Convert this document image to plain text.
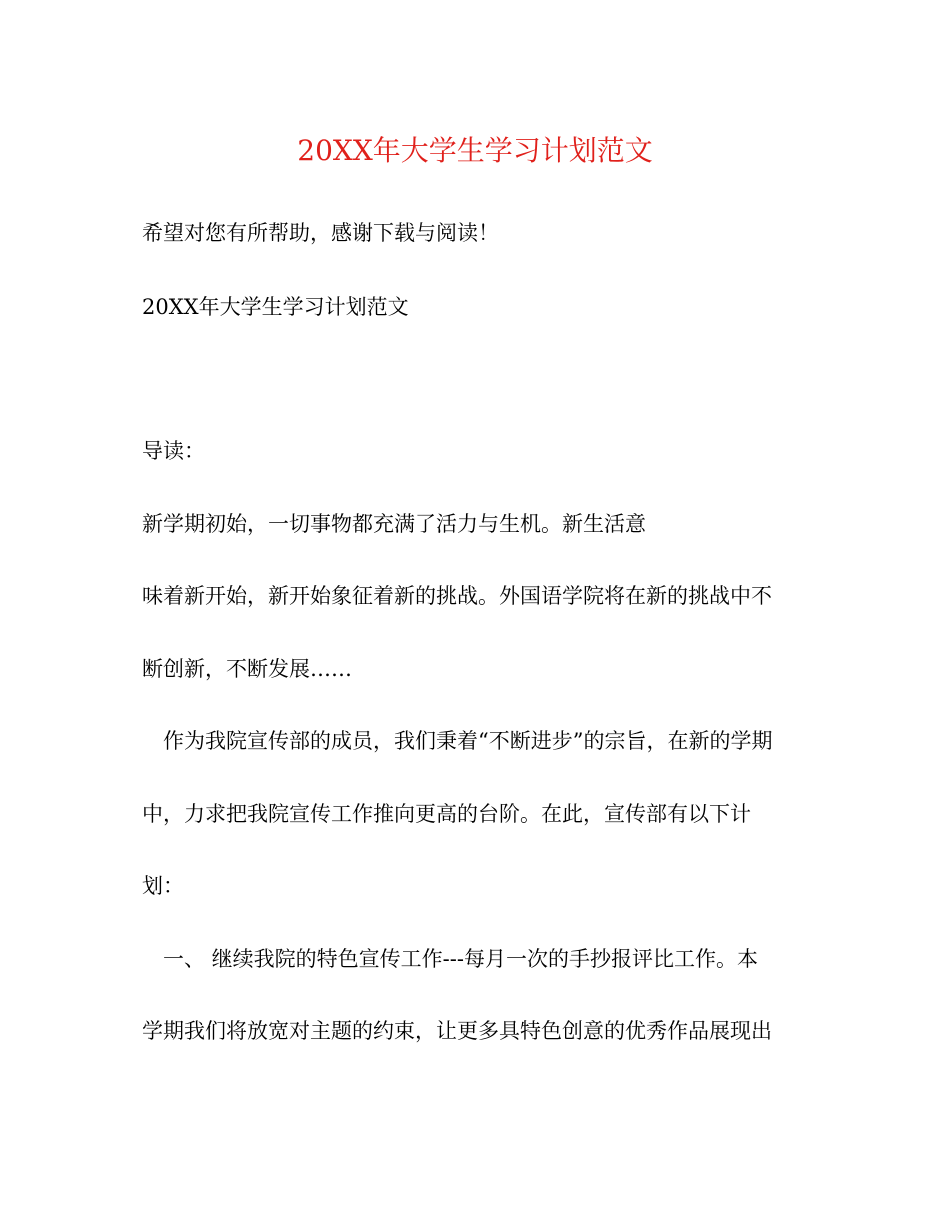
20XX年大学生学习计划范文
希望对您有所帮助，感谢下载与阅读！
20XX年大学生学习计划范文
导读：
新学期初始，一切事物都充满了活力与生机。新生活意
味着新开始，新开始象征着新的挑战。外国语学院将在新的挑战中不
断创新，不断发展……
　作为我院宣传部的成员，我们秉着“不断进步”的宗旨，在新的学期
中，力求把我院宣传工作推向更高的台阶。在此，宣传部有以下计
划：
　一、 继续我院的特色宣传工作---每月一次的手抄报评比工作。本
学期我们将放宽对主题的约束，让更多具特色创意的优秀作品展现出
